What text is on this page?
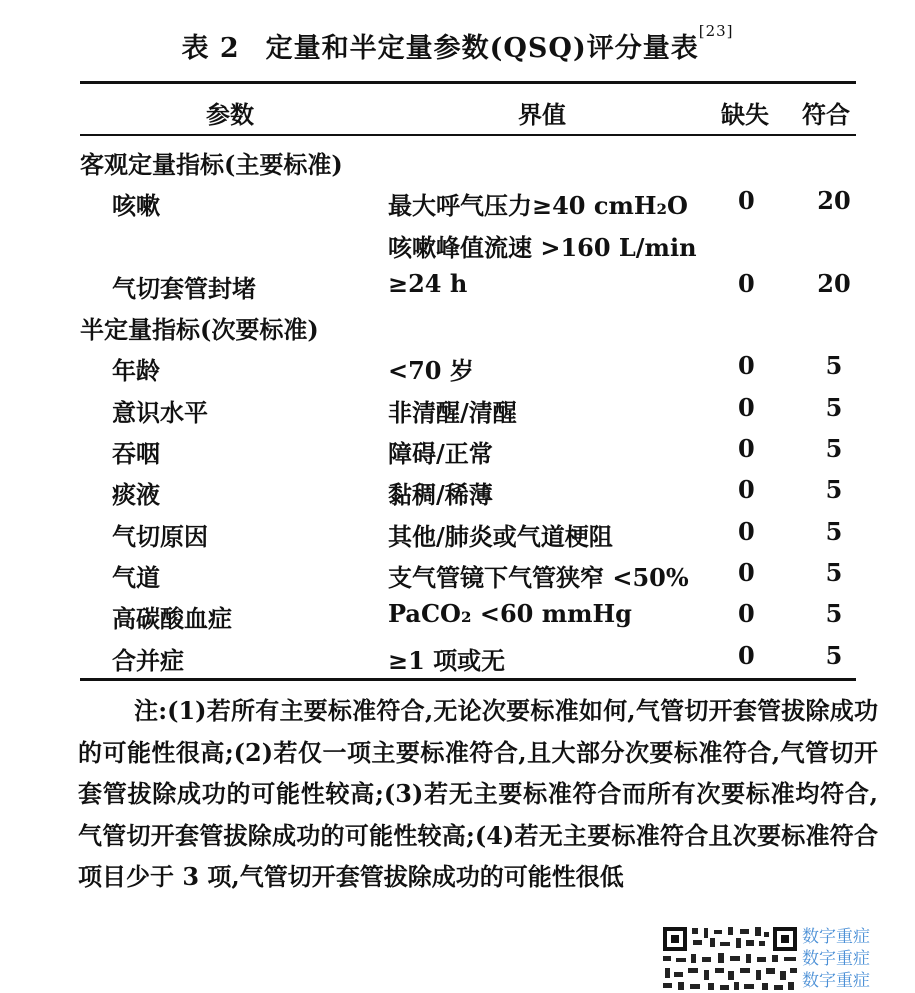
表 2 定量和半定量参数(QSQ)评分量表[23]
参数	界值	缺失 符合
客观定量指标(主要标准)
咳嗽	最大呼气压力≥40 cmH₂O 0	20
咳嗽峰值流速 >160 L/min
气切套管封堵	≥24 h	0	20
半定量指标(次要标准)
年龄	<70 岁	0	5
意识水平	非清醒/清醒	0	5
吞咽	障碍/正常	0	5
痰液	黏稠/稀薄	0	5
气切原因	其他/肺炎或气道梗阻	0	5
气道	支气管镜下气管狭窄 <50% 0	5
高碳酸血症	PaCO₂ <60 mmHg	0	5
合并症	≥1 项或无	0	5
注:(1)若所有主要标准符合,无论次要标准如何,气管切开套管拔除成功的可能性很高;(2)若仅一项主要标准符合,且大部分次要标准符合,气管切开套管拔除成功的可能性较高;(3)若无主要标准符合而所有次要标准均符合,气管切开套管拔除成功的可能性较高;(4)若无主要标准符合且次要标准符合项目少于 3 项,气管切开套管拔除成功的可能性很低
数字重症
数字重症
数字重症
